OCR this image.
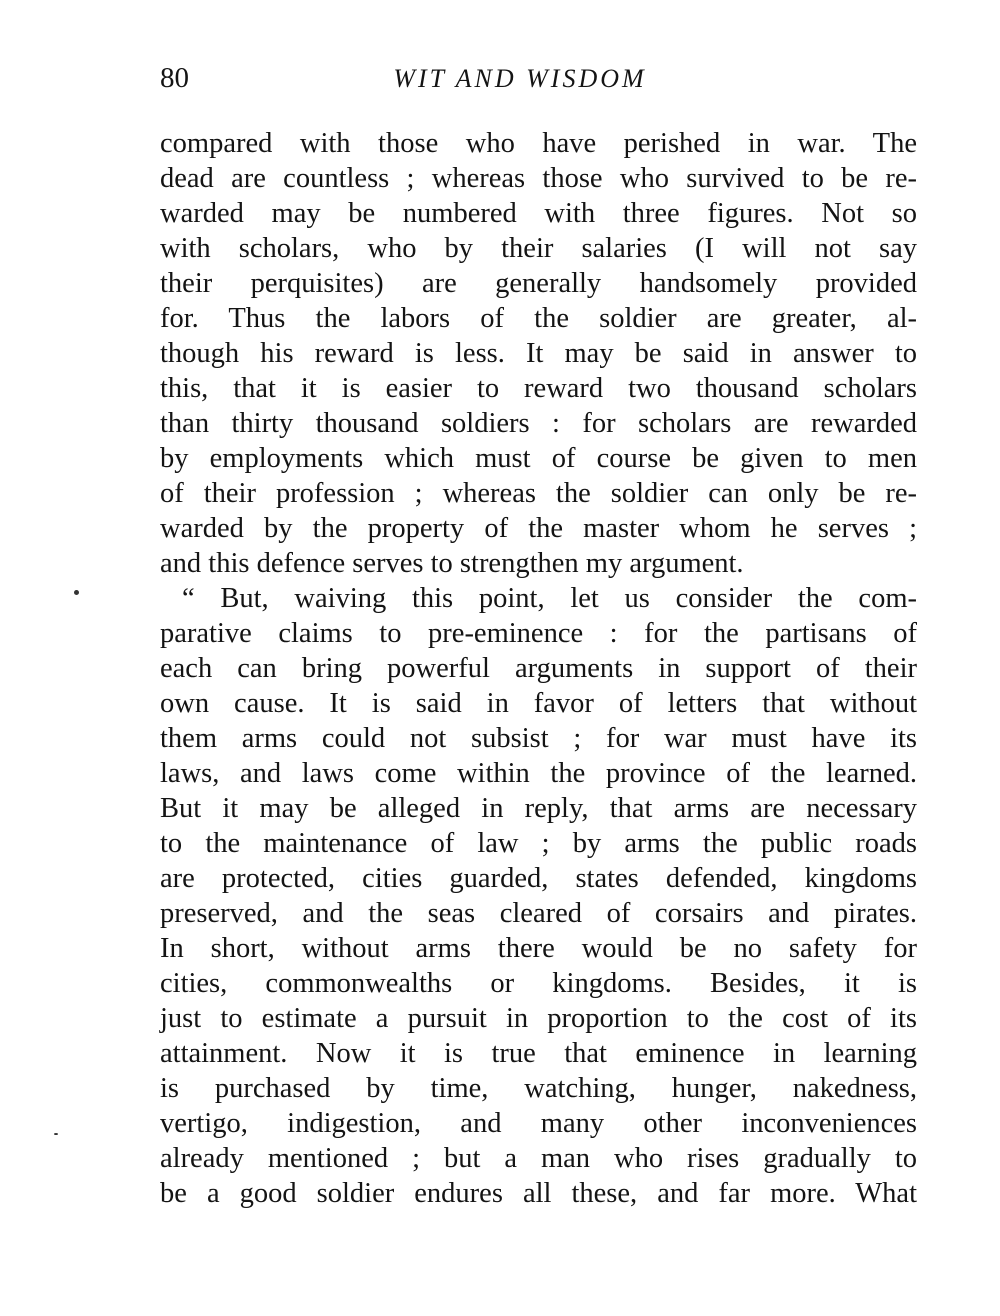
80	WIT AND WISDOM
compared with those who have perished in war. The
dead are countless ; whereas those who survived to be re-
warded may be numbered with three figures. Not so
with scholars, who by their salaries (I will not say
their perquisites) are generally handsomely provided
for. Thus the labors of the soldier are greater, al-
though his reward is less. It may be said in answer to
this, that it is easier to reward two thousand scholars
than thirty thousand soldiers : for scholars are rewarded
by employments which must of course be given to men
of their profession ; whereas the soldier can only be re-
warded by the property of the master whom he serves ;
and this defence serves to strengthen my argument.
“ But, waiving this point, let us consider the com-
parative claims to pre-eminence : for the partisans of
each can bring powerful arguments in support of their
own cause. It is said in favor of letters that without
them arms could not subsist ; for war must have its
laws, and laws come within the province of the learned.
But it may be alleged in reply, that arms are necessary
to the maintenance of law ; by arms the public roads
are protected, cities guarded, states defended, kingdoms
preserved, and the seas cleared of corsairs and pirates.
In short, without arms there would be no safety for
cities, commonwealths or kingdoms. Besides, it is
just to estimate a pursuit in proportion to the cost of its
attainment. Now it is true that eminence in learning
is purchased by time, watching, hunger, nakedness,
vertigo, indigestion, and many other inconveniences
already mentioned ; but a man who rises gradually to
be a good soldier endures all these, and far more. What
